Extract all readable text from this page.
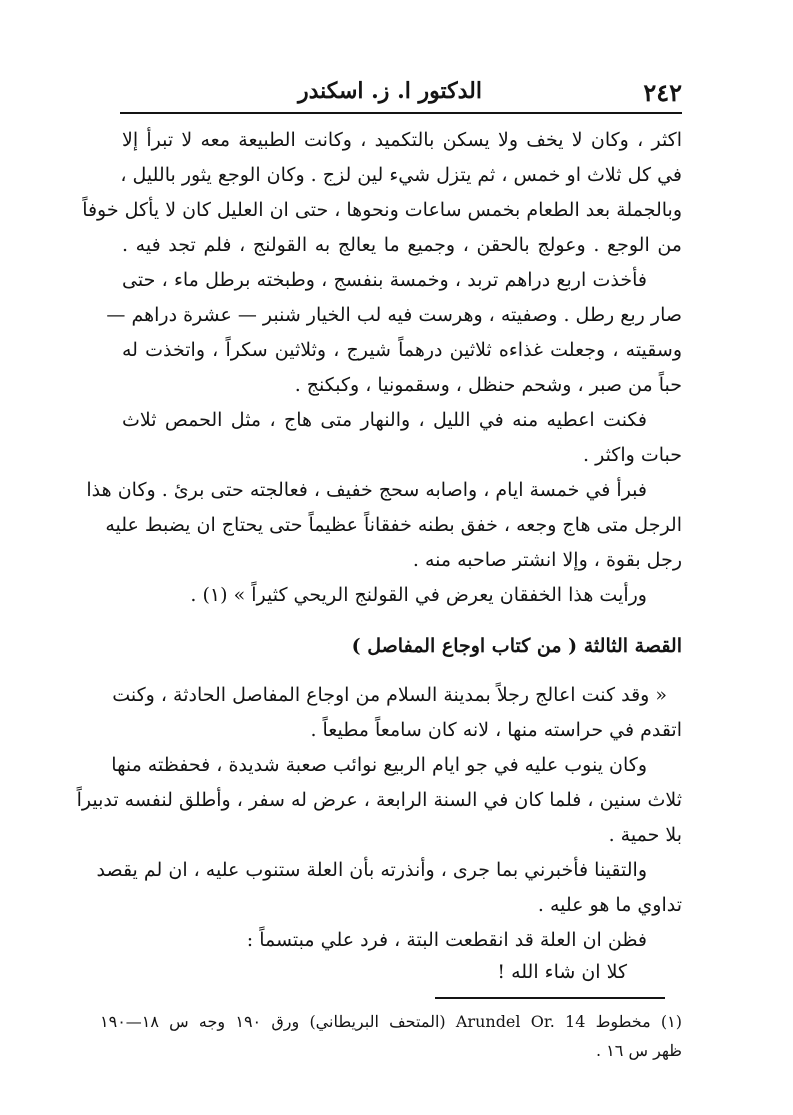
٢٤٢
الدكتور ا. ز. اسكندر
اكثر ، وكان لا يخف ولا يسكن بالتكميد ، وكانت الطبيعة معه لا تبرأ إلا
في كل ثلاث او خمس ، ثم يتزل شيء لين لزج . وكان الوجع يثور بالليل ،
وبالجملة بعد الطعام بخمس ساعات ونحوها ، حتى ان العليل كان لا يأكل خوفاً
من الوجع . وعولج بالحقن ، وجميع ما يعالج به القولنج ، فلم تجد فيه .
فأخذت اربع دراهم تربد ، وخمسة بنفسج ، وطبخته برطل ماء ، حتى
صار ربع رطل . وصفيته ، وهرست فيه لب الخيار شنبر — عشرة دراهم —
وسقيته ، وجعلت غذاءه ثلاثين درهماً شيرج ، وثلاثين سكراً ، واتخذت له
حباً من صبر ، وشحم حنظل ، وسقمونيا ، وكبكنج .
فكنت اعطيه منه في الليل ، والنهار متى هاج ، مثل الحمص ثلاث
حبات واكثر .
فبرأ في خمسة ايام ، واصابه سحج خفيف ، فعالجته حتى برئ . وكان هذا
الرجل متى هاج وجعه ، خفق بطنه خفقاناً عظيماً حتى يحتاج ان يضبط عليه
رجل بقوة ، وإلا انشتر صاحبه منه .
ورأيت هذا الخفقان يعرض في القولنج الريحي كثيراً » (١) .
القصة الثالثة ( من كتاب اوجاع المفاصل )
« وقد كنت اعالج رجلاً بمدينة السلام من اوجاع المفاصل الحادثة ، وكنت
اتقدم في حراسته منها ، لانه كان سامعاً مطيعاً .
وكان ينوب عليه في جو ايام الربيع نوائب صعبة شديدة ، فحفظته منها
ثلاث سنين ، فلما كان في السنة الرابعة ، عرض له سفر ، وأطلق لنفسه تدبيراً
بلا حمية .
والتقينا فأخبرني بما جرى ، وأنذرته بأن العلة ستنوب عليه ، ان لم يقصد
تداوي ما هو عليه .
فظن ان العلة قد انقطعت البتة ، فرد علي مبتسماً :
كلا ان شاء الله !
(١) مخطوط Arundel Or. 14 (المتحف البريطاني) ورق ١٩٠ وجه س ١٨—١٩٠
ظهر س ١٦ .
